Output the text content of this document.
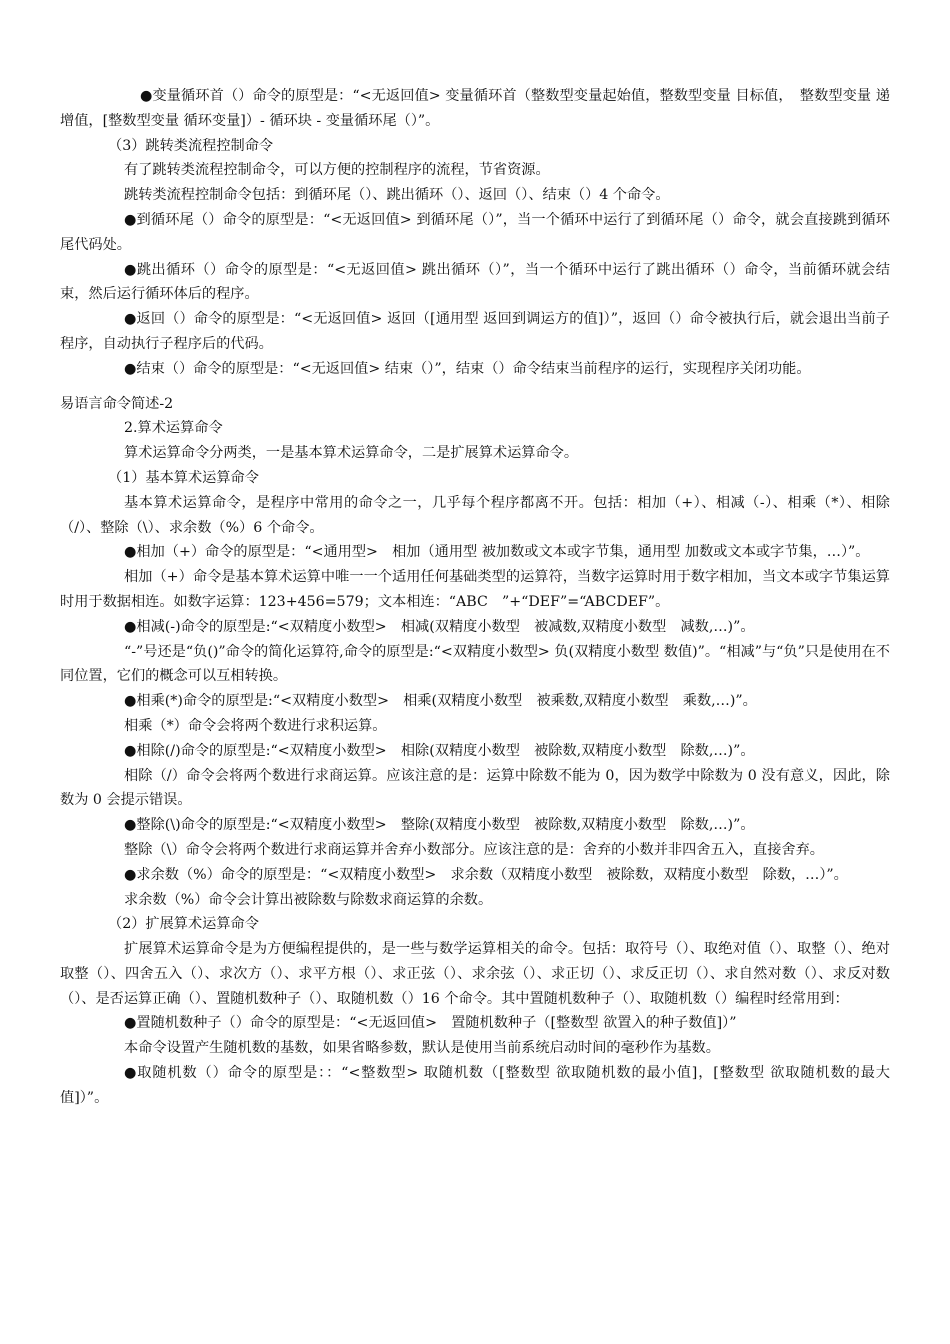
●变量循环首（）命令的原型是：“<无返回值> 变量循环首（整数型变量起始值，整数型变量 目标值，　整数型变量 递增值，[整数型变量 循环变量]）- 循环块 - 变量循环尾（）”。

（3）跳转类流程控制命令

有了跳转类流程控制命令，可以方便的控制程序的流程，节省资源。

跳转类流程控制命令包括：到循环尾（）、跳出循环（）、返回（）、结束（）4 个命令。

●到循环尾（）命令的原型是：“<无返回值> 到循环尾（）”，当一个循环中运行了到循环尾（）命令，就会直接跳到循环尾代码处。

●跳出循环（）命令的原型是：“<无返回值> 跳出循环（）”，当一个循环中运行了跳出循环（）命令，当前循环就会结束，然后运行循环体后的程序。

●返回（）命令的原型是：“<无返回值> 返回（[通用型 返回到调运方的值]）”，返回（）命令被执行后，就会退出当前子程序，自动执行子程序后的代码。

●结束（）命令的原型是：“<无返回值> 结束（）”，结束（）命令结束当前程序的运行，实现程序关闭功能。

易语言命令简述-2

2.算术运算命令

算术运算命令分两类，一是基本算术运算命令，二是扩展算术运算命令。

（1）基本算术运算命令

基本算术运算命令，是程序中常用的命令之一，几乎每个程序都离不开。包括：相加（+）、相减（-）、相乘（*）、相除（/）、整除（\）、求余数（%）6 个命令。

●相加（+）命令的原型是：“<通用型>　相加（通用型 被加数或文本或字节集，通用型 加数或文本或字节集，…）”。

相加（+）命令是基本算术运算中唯一一个适用任何基础类型的运算符，当数字运算时用于数字相加，当文本或字节集运算时用于数据相连。如数字运算：123+456=579；文本相连：“ABC　”+“DEF”=“ABCDEF”。

●相减(-)命令的原型是:“<双精度小数型>　相减(双精度小数型　被减数,双精度小数型　减数,…)”。

“-”号还是“负()”命令的简化运算符,命令的原型是:“<双精度小数型> 负(双精度小数型 数值)”。“相减”与“负”只是使用在不同位置，它们的概念可以互相转换。

●相乘(*)命令的原型是:“<双精度小数型>　相乘(双精度小数型　被乘数,双精度小数型　乘数,…)”。

相乘（*）命令会将两个数进行求积运算。

●相除(/)命令的原型是:“<双精度小数型>　相除(双精度小数型　被除数,双精度小数型　除数,…)”。

相除（/）命令会将两个数进行求商运算。应该注意的是：运算中除数不能为 0，因为数学中除数为 0 没有意义，因此，除数为 0 会提示错误。

●整除(\)命令的原型是:“<双精度小数型>　整除(双精度小数型　被除数,双精度小数型　除数,…)”。

整除（\）命令会将两个数进行求商运算并舍弃小数部分。应该注意的是：舍弃的小数并非四舍五入，直接舍弃。

●求余数（%）命令的原型是：“<双精度小数型>　求余数（双精度小数型　被除数，双精度小数型　除数，…）”。

求余数（%）命令会计算出被除数与除数求商运算的余数。

（2）扩展算术运算命令

扩展算术运算命令是为方便编程提供的，是一些与数学运算相关的命令。包括：取符号（）、取绝对值（）、取整（）、绝对取整（）、四舍五入（）、求次方（）、求平方根（）、求正弦（）、求余弦（）、求正切（）、求反正切（）、求自然对数（）、求反对数（）、是否运算正确（）、置随机数种子（）、取随机数（）16 个命令。其中置随机数种子（）、取随机数（）编程时经常用到：

●置随机数种子（）命令的原型是：“<无返回值>　置随机数种子（[整数型 欲置入的种子数值]）”

本命令设置产生随机数的基数，如果省略参数，默认是使用当前系统启动时间的毫秒作为基数。

●取随机数（）命令的原型是：：“<整数型> 取随机数（[整数型 欲取随机数的最小值]，[整数型 欲取随机数的最大值]）”。
